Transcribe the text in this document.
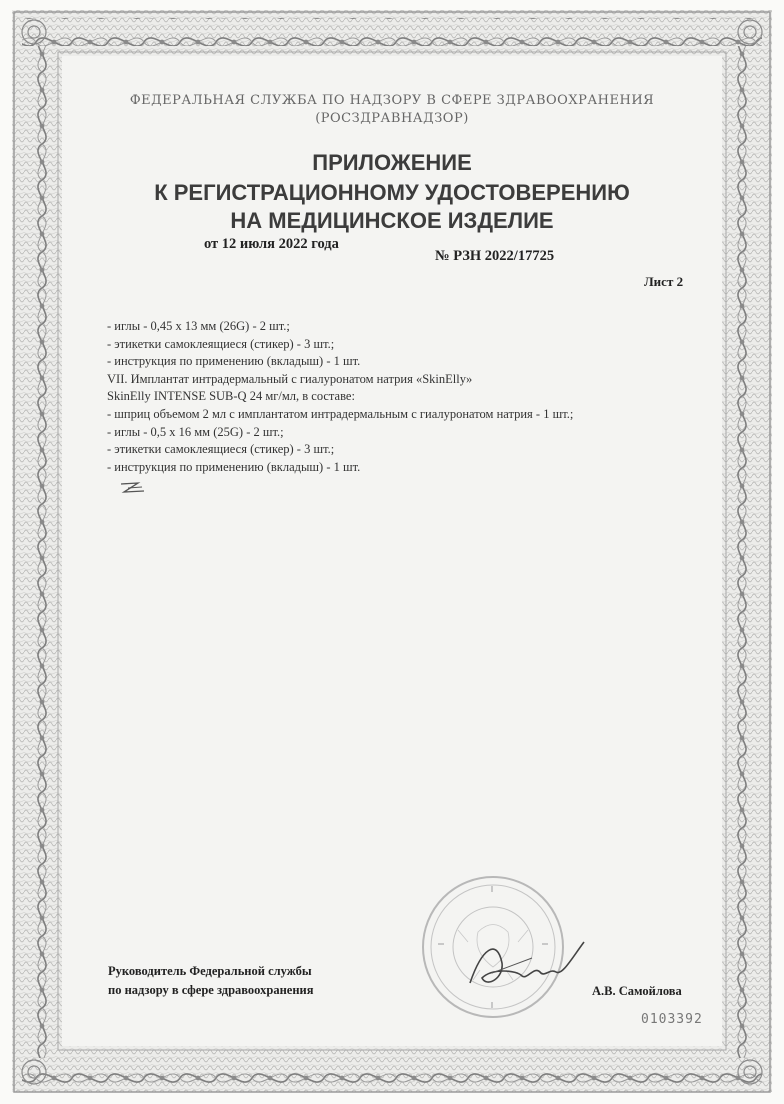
ФЕДЕРАЛЬНАЯ СЛУЖБА ПО НАДЗОРУ В СФЕРЕ ЗДРАВООХРАНЕНИЯ
(РОСЗДРАВНАДЗОР)
ПРИЛОЖЕНИЕ
К РЕГИСТРАЦИОННОМУ УДОСТОВЕРЕНИЮ
НА МЕДИЦИНСКОЕ ИЗДЕЛИЕ
от 12 июля 2022 года
№ РЗН 2022/17725
Лист 2
- иглы - 0,45 х 13 мм (26G) - 2 шт.;
- этикетки самоклеящиеся (стикер) - 3 шт.;
- инструкция по применению (вкладыш) - 1 шт.
VII. Имплантат интрадермальный с гиалуронатом натрия «SkinElly»
SkinElly INTENSE SUB-Q 24 мг/мл, в составе:
- шприц объемом 2 мл с имплантатом интрадермальным с гиалуронатом натрия - 1 шт.;
- иглы - 0,5 х 16 мм (25G) - 2 шт.;
- этикетки самоклеящиеся (стикер) - 3 шт.;
- инструкция по применению (вкладыш) - 1 шт.
Руководитель Федеральной службы
по надзору в сфере здравоохранения	А.В. Самойлова
0103392
